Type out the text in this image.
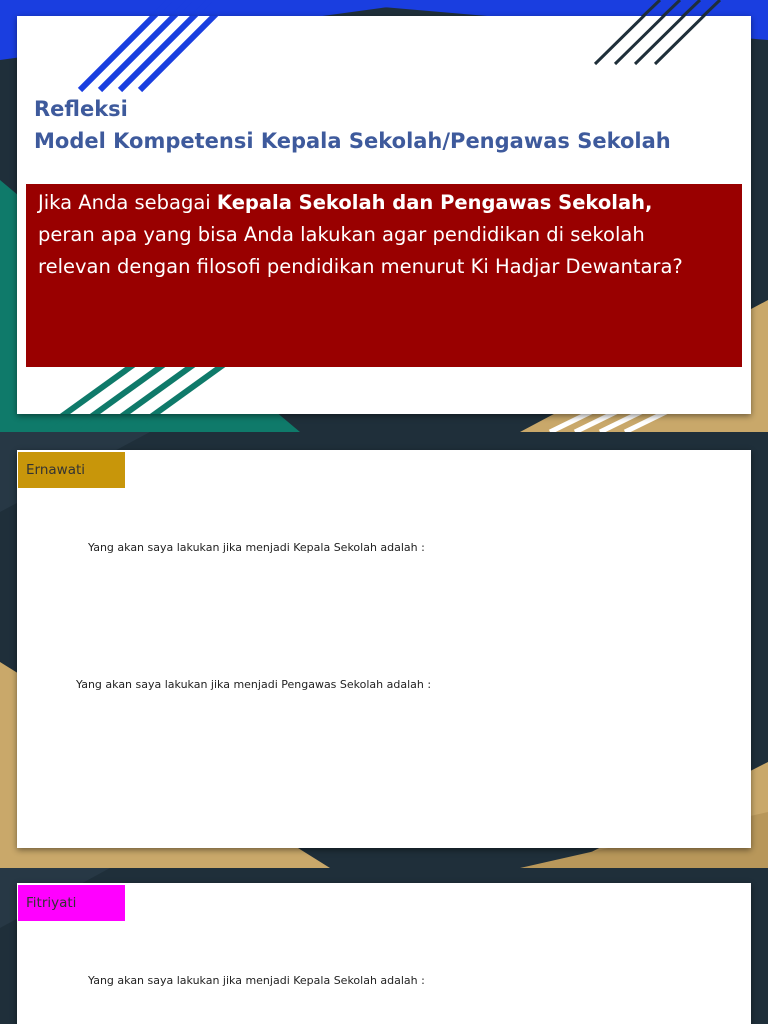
Refleksi
Model Kompetensi Kepala Sekolah/Pengawas Sekolah
Jika Anda sebagai Kepala Sekolah dan Pengawas Sekolah,
peran apa yang bisa Anda lakukan agar pendidikan di sekolah
relevan dengan filosofi pendidikan menurut Ki Hadjar Dewantara?
Ernawati
Yang akan saya lakukan jika menjadi Kepala Sekolah adalah :
Yang akan saya lakukan jika menjadi Pengawas Sekolah adalah :
Fitriyati
Yang akan saya lakukan jika menjadi Kepala Sekolah adalah :
